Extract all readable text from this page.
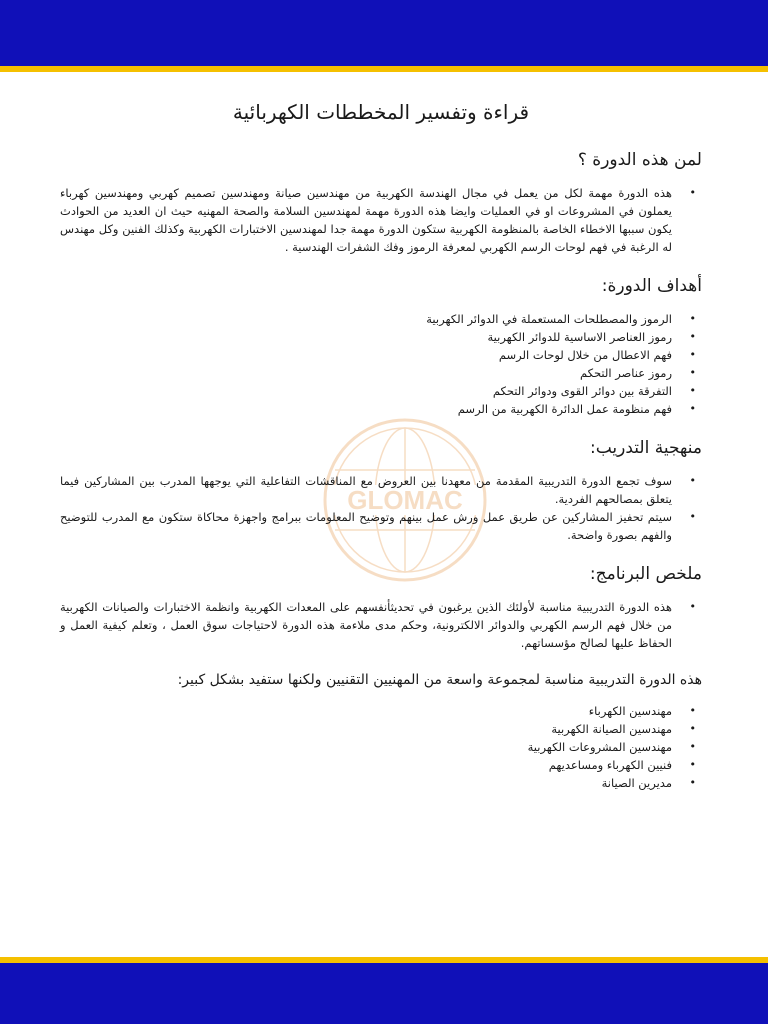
GLOMAC
قراءة وتفسير المخططات الكهربائية
لمن هذه الدورة ؟
• هذه الدورة مهمة لكل من يعمل في مجال الهندسة الكهربية من مهندسين صيانة ومهندسين تصميم كهربي ومهندسين كهرباء يعملون في المشروعات او في العمليات وايضا هذه الدورة مهمة لمهندسين السلامة والصحة المهنيه حيث ان العديد من الحوادث يكون سببها الاخطاء الخاصة بالمنظومة الكهربية ستكون الدورة مهمة جدا لمهندسين الاختبارات الكهربية وكذلك الفنين وكل مهندس له الرغبة في فهم لوحات الرسم الكهربي لمعرفة الرموز وفك الشفرات الهندسية .
أهداف الدورة:
• الرموز والمصطلحات المستعملة في الدوائر الكهربية
• رموز العناصر الاساسية للدوائر الكهربية
• فهم الاعطال من خلال لوحات الرسم
• رموز عناصر التحكم
• التفرقة بين دوائر القوى ودوائر التحكم
• فهم منظومة عمل الدائرة الكهربية من الرسم
منهجية التدريب:
• سوف تجمع الدورة التدريبية المقدمة من معهدنا بين العروض مع المناقشات التفاعلية التي يوجهها المدرب بين المشاركين فيما يتعلق بمصالحهم الفردية.
• سيتم تحفيز المشاركين عن طريق عمل ورش عمل بينهم وتوضيح المعلومات ببرامج واجهزة محاكاة ستكون مع المدرب للتوضيح والفهم بصورة واضحة.
ملخص البرنامج:
• هذه الدورة التدريبية مناسبة لأولئك الذين يرغبون في تحديثأنفسهم على المعدات الكهربية وانظمة الاختبارات والصيانات الكهربية من خلال فهم الرسم الكهربي والدوائر الالكترونية، وحكم مدى ملاءمة هذه الدورة لاحتياجات سوق العمل ، وتعلم كيفية العمل و الحفاظ عليها لصالح مؤسساتهم.
هذه الدورة التدريبية مناسبة لمجموعة واسعة من المهنيين التقنيين ولكنها ستفيد بشكل كبير:
• مهندسين الكهرباء
• مهندسين الصيانة الكهربية
• مهندسين المشروعات الكهربية
• فنيين الكهرباء ومساعديهم
• مديرين الصيانة
